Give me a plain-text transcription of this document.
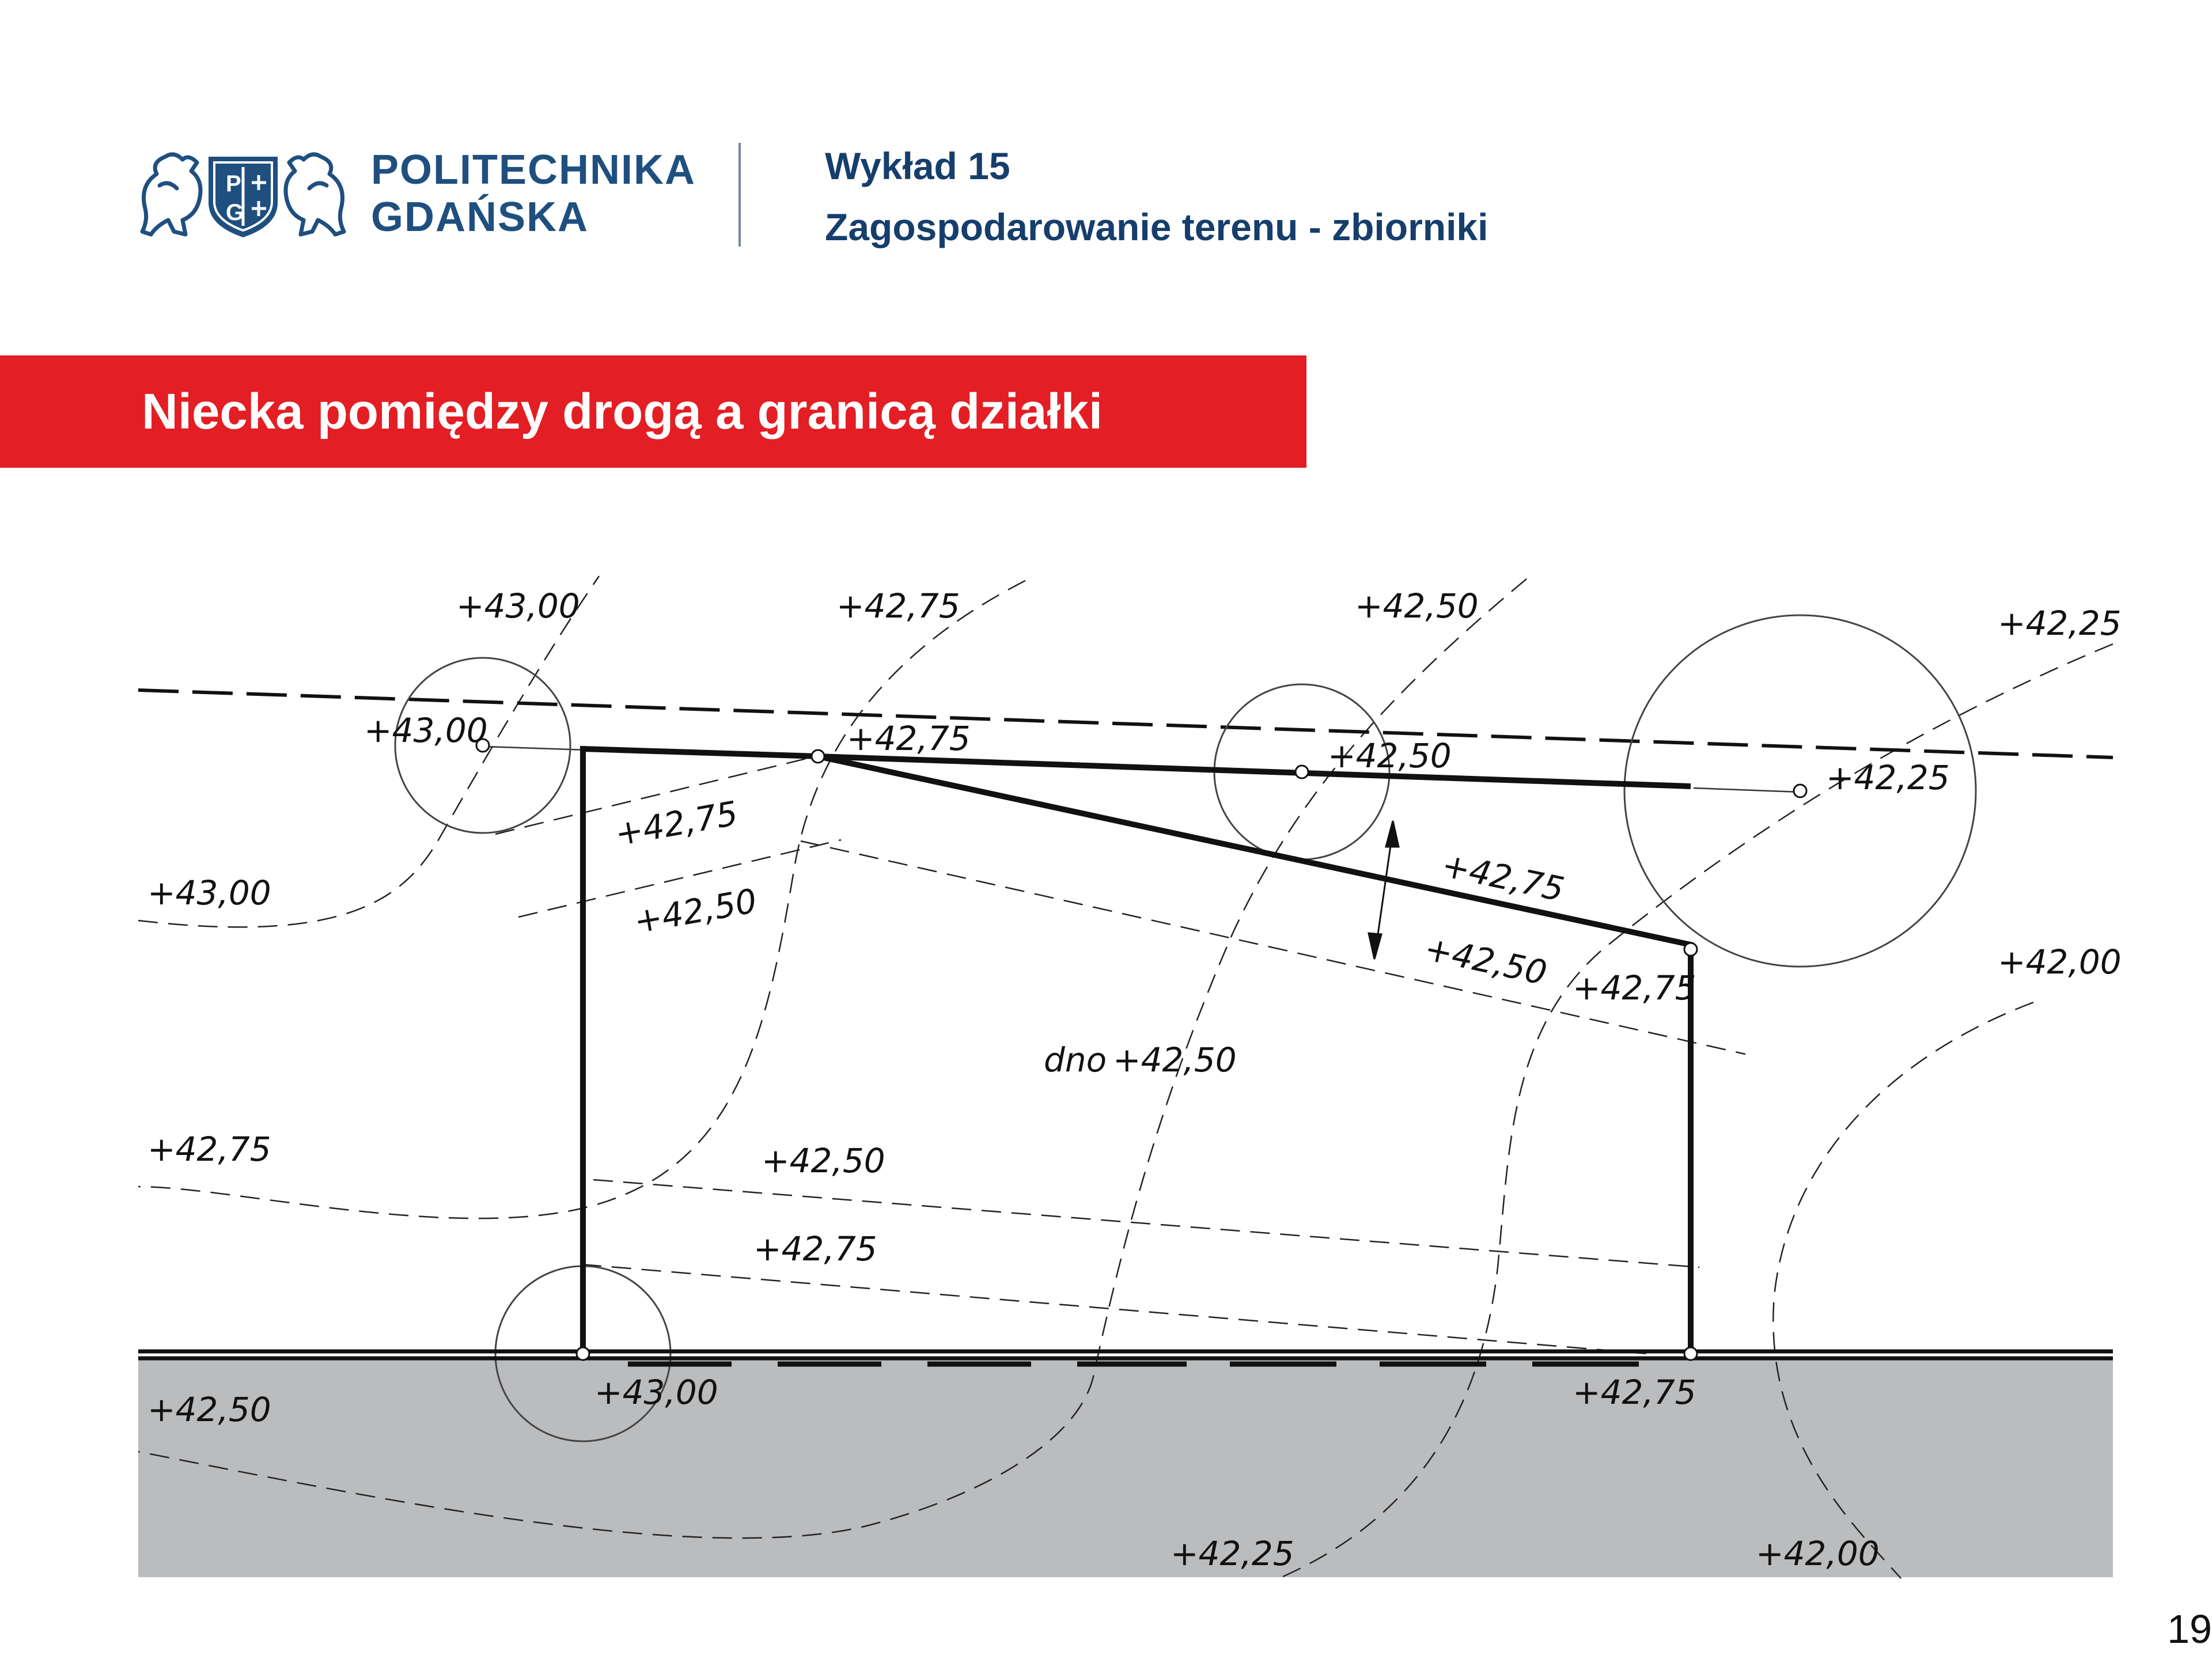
P
G
POLITECHNIKA
GDAŃSKA
Wykład 15
Zagospodarowanie terenu - zbiorniki
Niecka pomiędzy drogą a granicą działki
+43,00	+42,75	+42,50	+42,25
+43,00	+42,75	+42,50
+42,25
+43,00
+42,75
+42,50
+42,75
+42,50 +42,75
+42,00
dno +42,50
+42,50
+42,75
+42,75
+43,00	+42,75
+42,50
+42,25	+42,00
19
